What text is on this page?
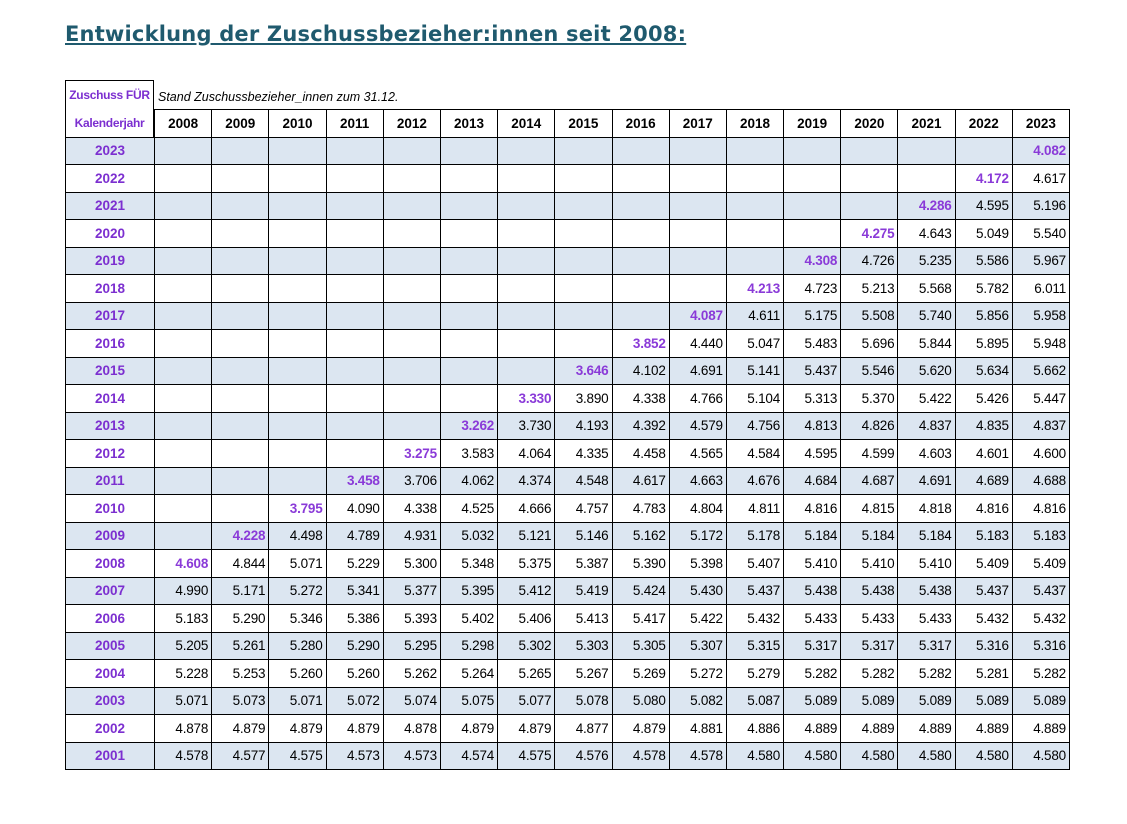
Entwicklung der Zuschussbezieher:innen seit 2008:
Zuschuss FÜR
Kalenderjahr
Stand Zuschussbezieher_innen zum 31.12.
	2008	2009	2010	2011	2012	2013	2014	2015	2016	2017	2018	2019	2020	2021	2022	2023
2023																4.082
2022															4.172	4.617
2021														4.286	4.595	5.196
2020													4.275	4.643	5.049	5.540
2019												4.308	4.726	5.235	5.586	5.967
2018											4.213	4.723	5.213	5.568	5.782	6.011
2017										4.087	4.611	5.175	5.508	5.740	5.856	5.958
2016									3.852	4.440	5.047	5.483	5.696	5.844	5.895	5.948
2015								3.646	4.102	4.691	5.141	5.437	5.546	5.620	5.634	5.662
2014							3.330	3.890	4.338	4.766	5.104	5.313	5.370	5.422	5.426	5.447
2013						3.262	3.730	4.193	4.392	4.579	4.756	4.813	4.826	4.837	4.835	4.837
2012					3.275	3.583	4.064	4.335	4.458	4.565	4.584	4.595	4.599	4.603	4.601	4.600
2011				3.458	3.706	4.062	4.374	4.548	4.617	4.663	4.676	4.684	4.687	4.691	4.689	4.688
2010			3.795	4.090	4.338	4.525	4.666	4.757	4.783	4.804	4.811	4.816	4.815	4.818	4.816	4.816
2009		4.228	4.498	4.789	4.931	5.032	5.121	5.146	5.162	5.172	5.178	5.184	5.184	5.184	5.183	5.183
2008	4.608	4.844	5.071	5.229	5.300	5.348	5.375	5.387	5.390	5.398	5.407	5.410	5.410	5.410	5.409	5.409
2007	4.990	5.171	5.272	5.341	5.377	5.395	5.412	5.419	5.424	5.430	5.437	5.438	5.438	5.438	5.437	5.437
2006	5.183	5.290	5.346	5.386	5.393	5.402	5.406	5.413	5.417	5.422	5.432	5.433	5.433	5.433	5.432	5.432
2005	5.205	5.261	5.280	5.290	5.295	5.298	5.302	5.303	5.305	5.307	5.315	5.317	5.317	5.317	5.316	5.316
2004	5.228	5.253	5.260	5.260	5.262	5.264	5.265	5.267	5.269	5.272	5.279	5.282	5.282	5.282	5.281	5.282
2003	5.071	5.073	5.071	5.072	5.074	5.075	5.077	5.078	5.080	5.082	5.087	5.089	5.089	5.089	5.089	5.089
2002	4.878	4.879	4.879	4.879	4.878	4.879	4.879	4.877	4.879	4.881	4.886	4.889	4.889	4.889	4.889	4.889
2001	4.578	4.577	4.575	4.573	4.573	4.574	4.575	4.576	4.578	4.578	4.580	4.580	4.580	4.580	4.580	4.580
